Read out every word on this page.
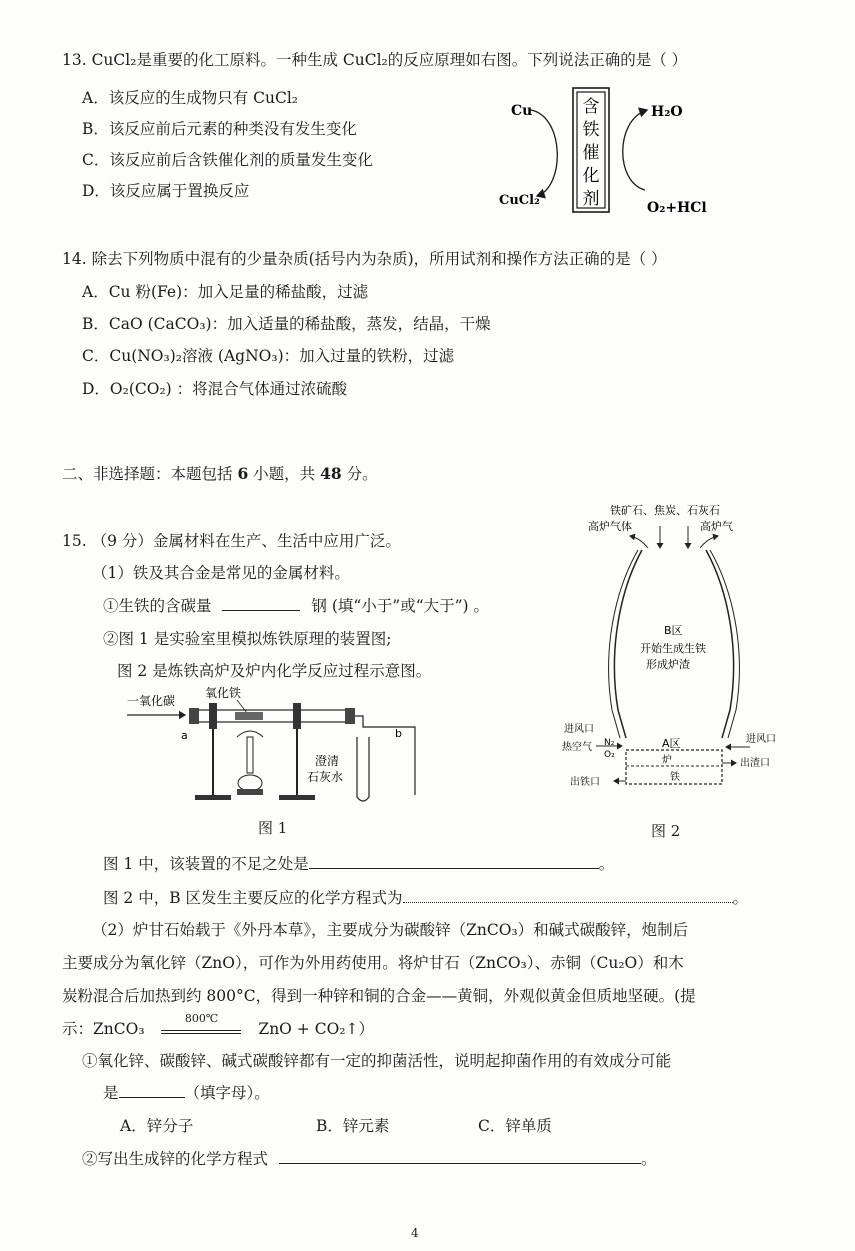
13. CuCl₂是重要的化工原料。一种生成 CuCl₂的反应原理如右图。下列说法正确的是（ ）
A．该反应的生成物只有 CuCl₂
B．该反应前后元素的种类没有发生变化
C．该反应前后含铁催化剂的质量发生变化
D．该反应属于置换反应
含
铁
催
化
剂
Cu
CuCl₂
H₂O
O₂+HCl
14. 除去下列物质中混有的少量杂质(括号内为杂质)，所用试剂和操作方法正确的是（ ）
A．Cu 粉(Fe)：加入足量的稀盐酸，过滤
B．CaO (CaCO₃)：加入适量的稀盐酸，蒸发，结晶，干燥
C．Cu(NO₃)₂溶液 (AgNO₃)：加入过量的铁粉，过滤
D．O₂(CO₂) ：将混合气体通过浓硫酸
二、非选择题：本题包括 6 小题，共 48 分。
15. （9 分）金属材料在生产、生活中应用广泛。
（1）铁及其合金是常见的金属材料。
①生铁的含碳量	钢 (填“小于”或“大于”) 。
②图 1 是实验室里模拟炼铁原理的装置图;
图 2 是炼铁高炉及炉内化学反应过程示意图。
一氧化碳
氧化铁
b
a
澄清
石灰水
图 1
铁矿石、焦炭、石灰石
高炉气体	高炉气
B区
开始生成生铁
形成炉渣
A区
炉
铁
进风口
热空气 N₂
O₂
出铁口
进风口
出渣口
图 2
图 1 中，该装置的不足之处是	。
图 2 中，B 区发生主要反应的化学方程式为	。
（2）炉甘石始载于《外丹本草》，主要成分为碳酸锌（ZnCO₃）和碱式碳酸锌，炮制后
主要成分为氧化锌（ZnO），可作为外用药使用。将炉甘石（ZnCO₃）、赤铜（Cu₂O）和木
炭粉混合后加热到约 800°C，得到一种锌和铜的合金——黄铜，外观似黄金但质地坚硬。(提
示：ZnCO₃
800℃
ZnO + CO₂↑）
①氧化锌、碳酸锌、碱式碳酸锌都有一定的抑菌活性，说明起抑菌作用的有效成分可能
是	（填字母）。
A．锌分子	B．锌元素	C．锌单质
②写出生成锌的化学方程式	。
4
